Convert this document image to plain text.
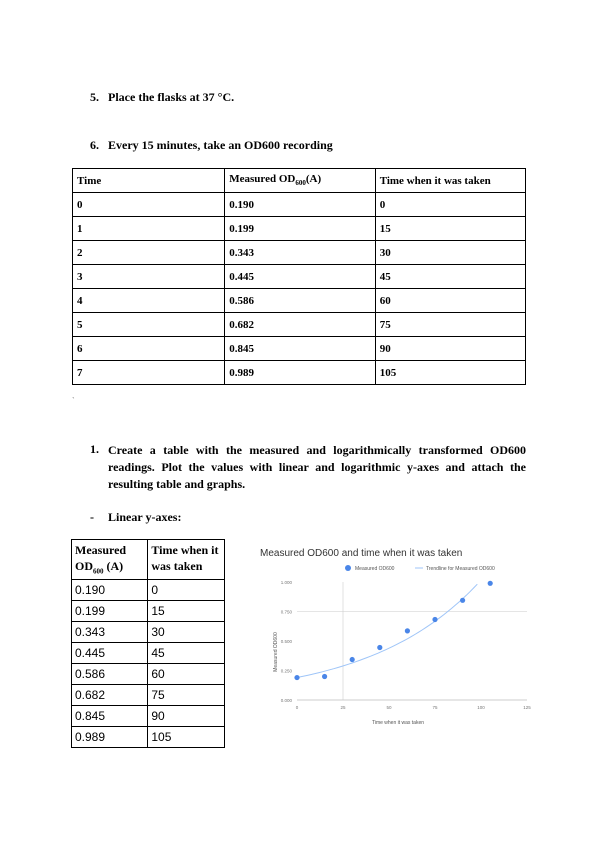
5. Place the flasks at 37 °C.
6. Every 15 minutes, take an OD600 recording
Time	Measured $OD_{600}(A)$	Time when it was taken
0	0.190	0
1	0.199	15
2	0.343	30
3	0.445	45
4	0.586	60
5	0.682	75
6	0.845	90
7	0.989	105
`
1. Create a table with the measured and logarithmically transformed OD600 readings. Plot the values with linear and logarithmic y-axes and attach the resulting table and graphs.
- Linear y-axes:
Measured
$OD_{600}$ (A)	Time when it was taken
0.190	0
0.199	15
0.343	30
0.445	45
0.586	60
0.682	75
0.845	90
0.989	105
Measured OD600 and time when it was taken
Measured OD600	Trendline for Measured OD600
0.000
0.250
0.500
0.750
1.000
0	25	50	75	100	125
Measured OD600
Time when it was taken
